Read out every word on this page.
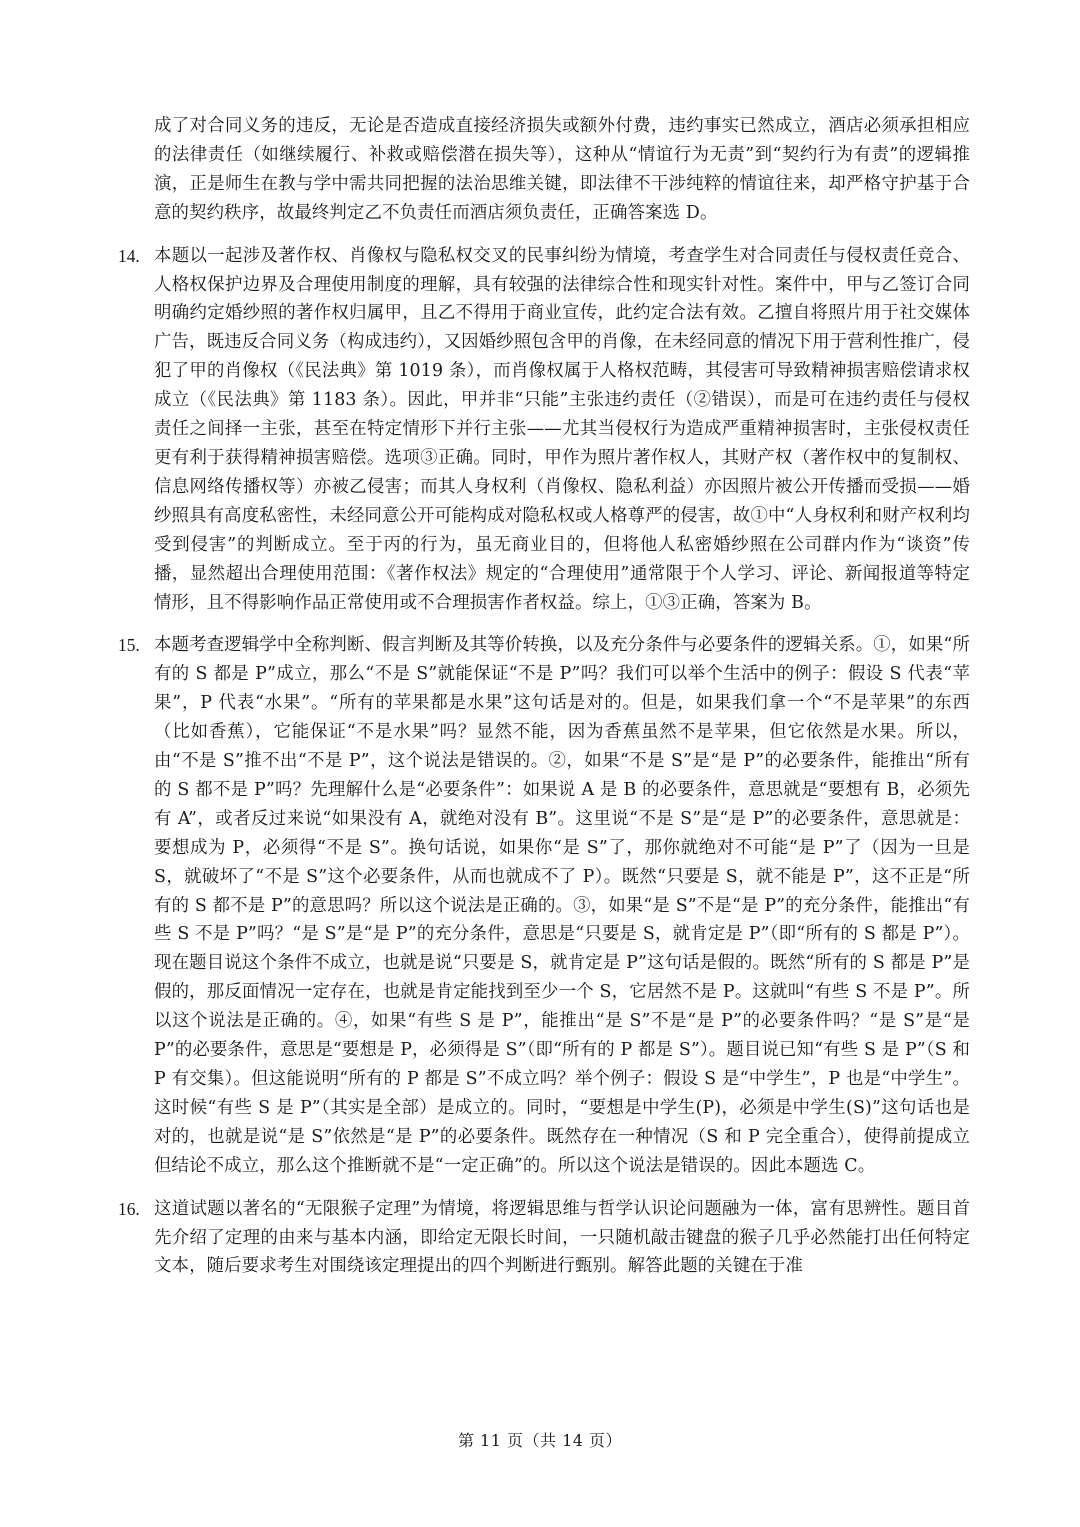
成了对合同义务的违反，无论是否造成直接经济损失或额外付费，违约事实已然成立，酒店必须承担相应的法律责任（如继续履行、补救或赔偿潜在损失等），这种从“情谊行为无责”到“契约行为有责”的逻辑推演，正是师生在教与学中需共同把握的法治思维关键，即法律不干涉纯粹的情谊往来，却严格守护基于合意的契约秩序，故最终判定乙不负责任而酒店须负责任，正确答案选 D。

14. 本题以一起涉及著作权、肖像权与隐私权交叉的民事纠纷为情境，考查学生对合同责任与侵权责任竞合、人格权保护边界及合理使用制度的理解，具有较强的法律综合性和现实针对性。案件中，甲与乙签订合同明确约定婚纱照的著作权归属甲，且乙不得用于商业宣传，此约定合法有效。乙擅自将照片用于社交媒体广告，既违反合同义务（构成违约），又因婚纱照包含甲的肖像，在未经同意的情况下用于营利性推广，侵犯了甲的肖像权（《民法典》第 1019 条），而肖像权属于人格权范畴，其侵害可导致精神损害赔偿请求权成立（《民法典》第 1183 条）。因此，甲并非“只能”主张违约责任（②错误），而是可在违约责任与侵权责任之间择一主张，甚至在特定情形下并行主张——尤其当侵权行为造成严重精神损害时，主张侵权责任更有利于获得精神损害赔偿。选项③正确。同时，甲作为照片著作权人，其财产权（著作权中的复制权、信息网络传播权等）亦被乙侵害；而其人身权利（肖像权、隐私利益）亦因照片被公开传播而受损——婚纱照具有高度私密性，未经同意公开可能构成对隐私权或人格尊严的侵害，故①中“人身权利和财产权利均受到侵害”的判断成立。至于丙的行为，虽无商业目的，但将他人私密婚纱照在公司群内作为“谈资”传播，显然超出合理使用范围：《著作权法》规定的“合理使用”通常限于个人学习、评论、新闻报道等特定情形，且不得影响作品正常使用或不合理损害作者权益。综上，①③正确，答案为 B。

15. 本题考查逻辑学中全称判断、假言判断及其等价转换，以及充分条件与必要条件的逻辑关系。①，如果“所有的 S 都是 P”成立，那么“不是 S”就能保证“不是 P”吗？我们可以举个生活中的例子：假设 S 代表“苹果”，P 代表“水果”。“所有的苹果都是水果”这句话是对的。但是，如果我们拿一个“不是苹果”的东西（比如香蕉），它能保证“不是水果”吗？显然不能，因为香蕉虽然不是苹果，但它依然是水果。所以，由“不是 S”推不出“不是 P”，这个说法是错误的。②，如果“不是 S”是“是 P”的必要条件，能推出“所有的 S 都不是 P”吗？先理解什么是“必要条件”：如果说 A 是 B 的必要条件，意思就是“要想有 B，必须先有 A”，或者反过来说“如果没有 A，就绝对没有 B”。这里说“不是 S”是“是 P”的必要条件，意思就是：要想成为 P，必须得“不是 S”。换句话说，如果你“是 S”了，那你就绝对不可能“是 P”了（因为一旦是 S，就破坏了“不是 S”这个必要条件，从而也就成不了 P）。既然“只要是 S，就不能是 P”，这不正是“所有的 S 都不是 P”的意思吗？所以这个说法是正确的。③，如果“是 S”不是“是 P”的充分条件，能推出“有些 S 不是 P”吗？“是 S”是“是 P”的充分条件，意思是“只要是 S，就肯定是 P”（即“所有的 S 都是 P”）。现在题目说这个条件不成立，也就是说“只要是 S，就肯定是 P”这句话是假的。既然“所有的 S 都是 P”是假的，那反面情况一定存在，也就是肯定能找到至少一个 S，它居然不是 P。这就叫“有些 S 不是 P”。所以这个说法是正确的。④，如果“有些 S 是 P”，能推出“是 S”不是“是 P”的必要条件吗？“是 S”是“是 P”的必要条件，意思是“要想是 P，必须得是 S”（即“所有的 P 都是 S”）。题目说已知“有些 S 是 P”（S 和 P 有交集）。但这能说明“所有的 P 都是 S”不成立吗？举个例子：假设 S 是“中学生”，P 也是“中学生”。这时候“有些 S 是 P”（其实是全部）是成立的。同时，“要想是中学生(P)，必须是中学生(S)”这句话也是对的，也就是说“是 S”依然是“是 P”的必要条件。既然存在一种情况（S 和 P 完全重合），使得前提成立但结论不成立，那么这个推断就不是“一定正确”的。所以这个说法是错误的。因此本题选 C。

16. 这道试题以著名的“无限猴子定理”为情境，将逻辑思维与哲学认识论问题融为一体，富有思辨性。题目首先介绍了定理的由来与基本内涵，即给定无限长时间，一只随机敲击键盘的猴子几乎必然能打出任何特定文本，随后要求考生对围绕该定理提出的四个判断进行甄别。解答此题的关键在于准

第 11 页（共 14 页）
